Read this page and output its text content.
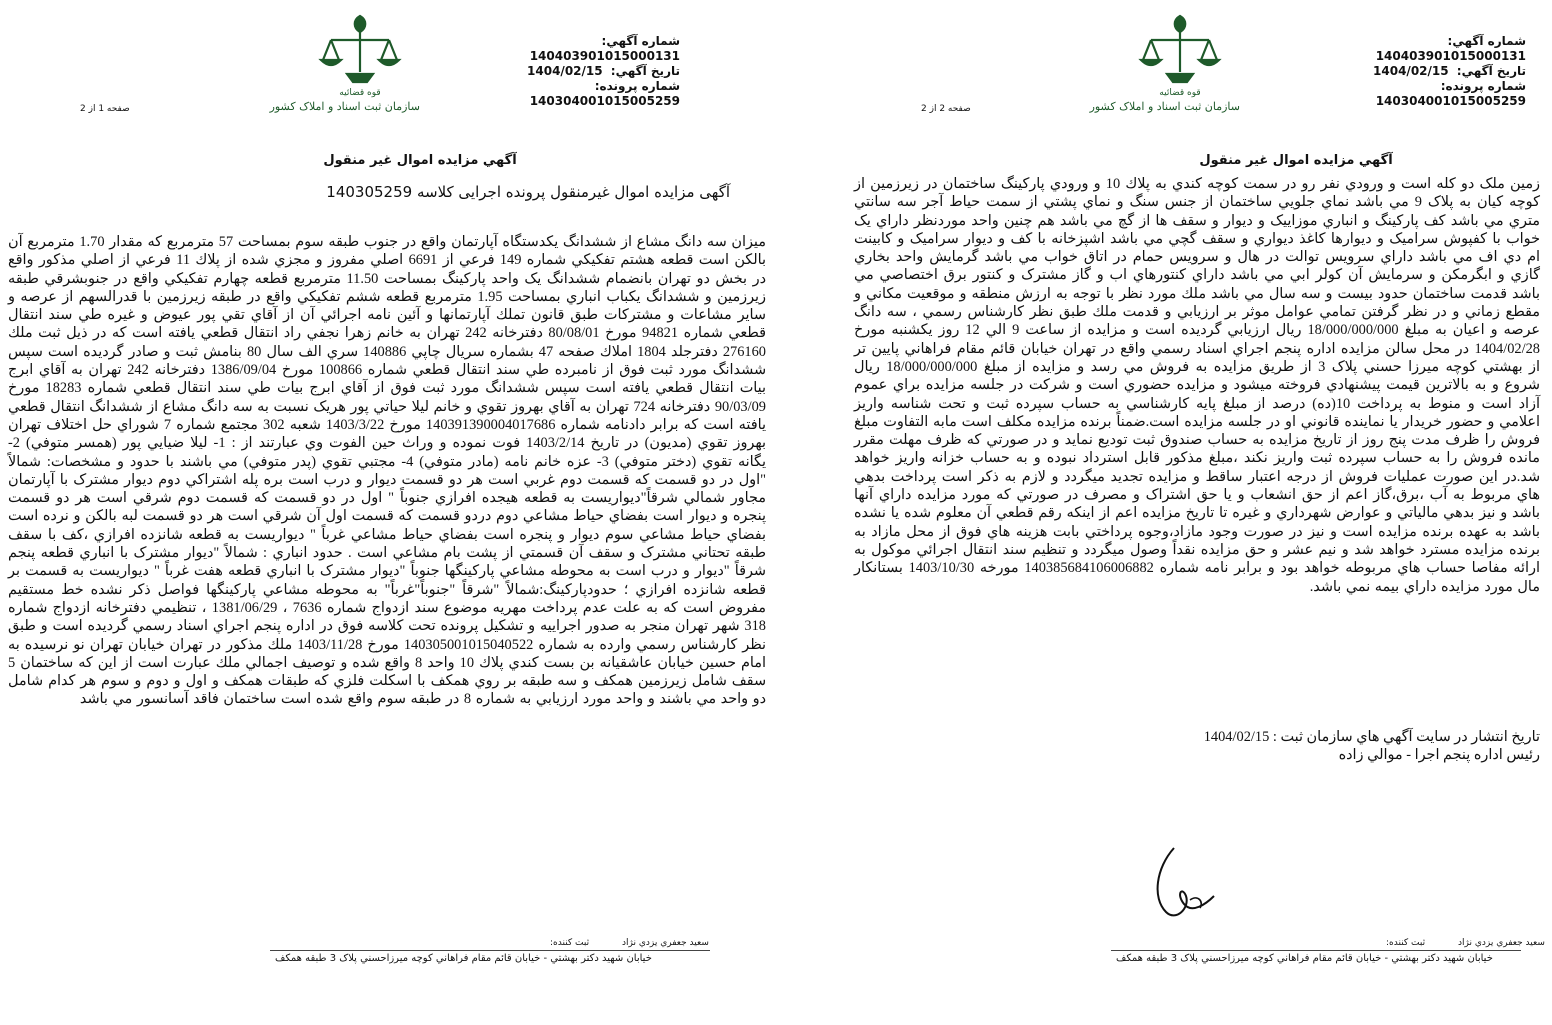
قوه قضائیه
سازمان ثبت اسناد و املاک کشور
شماره آگهي: 140403901015000131
تاريخ آگهي: 1404/02/15
شماره پرونده: 140304001015005259
صفحه 1 از 2
آگهي مزايده اموال غير منقول
آگهی مزایده اموال غیرمنقول پرونده اجرایی کلاسه 140305259

ميزان سه دانگ مشاع از ششدانگ يكدستگاه آپارتمان واقع در جنوب طبقه سوم بمساحت 57 مترمربع كه مقدار 1.70 مترمربع آن بالكن است قطعه هشتم تفكيكي شماره 149 فرعي از 6691 اصلي مفروز و مجزي شده از پلاك 11 فرعي از اصلي مذكور واقع در بخش دو تهران بانضمام ششدانگ يک واحد پاركينگ بمساحت 11.50 مترمربع قطعه چهارم تفكيكي واقع در جنوبشرقي طبقه زيرزمين و ششدانگ يكباب انباري بمساحت 1.95 مترمربع قطعه ششم تفكيكي واقع در طبقه زيرزمين با قدرالسهم از عرصه و ساير مشاعات و مشتركات طبق قانون تملك آپارتمانها و آئين نامه اجرائي آن از آقاي تقي پور عيوض و غيره طي سند انتقال قطعي شماره 94821 مورخ 80/08/01 دفترخانه 242 تهران به خانم زهرا نجفي راد انتقال قطعي يافته است كه در ذيل ثبت ملك 276160 دفترجلد 1804 املاك صفحه 47 بشماره سريال چاپي 140886 سري الف سال 80 بنامش ثبت و صادر گرديده است سپس ششدانگ مورد ثبت فوق از نامبرده طي سند انتقال قطعي شماره 100866 مورخ 1386/09/04 دفترخانه 242 تهران به آقاي ابرج بيات انتقال قطعي يافته است سپس ششدانگ مورد ثبت فوق از آقاي ابرج بيات طي سند انتقال قطعي شماره 18283 مورخ 90/03/09 دفترخانه 724 تهران به آقاي بهروز تقوي و خانم ليلا حياتي پور هريک نسبت به سه دانگ مشاع از ششدانگ انتقال قطعي يافته است كه برابر دادنامه شماره 140391390004017686 مورخ 1403/3/22 شعبه 302 مجتمع شماره 7 شوراي حل اختلاف تهران بهروز تقوي (مديون) در تاريخ 1403/2/14 فوت نموده و وراث حين الفوت وي عبارتند از : 1- ليلا ضيايي پور (همسر متوفي) 2- يگانه تقوي (دختر متوفي) 3- عزه خانم نامه (مادر متوفي) 4- مجتبي تقوي (پدر متوفي) مي باشند با حدود و مشخصات: شمالاً "اول در دو قسمت كه قسمت دوم غربي است هر دو قسمت ديوار و درب است بره پله اشتراكي دوم ديوار مشترک با آپارتمان مجاور شمالي شرقاً"ديواريست به قطعه هيجده افرازي جنوباً " اول در دو قسمت كه قسمت دوم شرقي است هر دو قسمت پنجره و ديوار است بفضاي حياط مشاعي دوم دردو قسمت كه قسمت اول آن شرقي است هر دو قسمت لبه بالكن و نرده است بفضاي حياط مشاعي سوم ديوار و پنجره است بفضاي حياط مشاعي غرباً " ديواريست به قطعه شانزده افرازي ،كف با سقف طبقه تحتاني مشترک و سقف آن قسمتي از پشت بام مشاعي است . حدود انباري : شمالاً "ديوار مشترک با انباري قطعه پنجم شرقاً "ديوار و درب است به محوطه مشاعي پاركينگها جنوباً "ديوار مشترک با انباري قطعه هفت غرباً " ديواريست به قسمت بر قطعه شانزده افرازي ؛ حدودپاركينگ:شمالاً "شرقاً "جنوباً"غرباً" به محوطه مشاعي پاركينگها فواصل ذكر نشده خط مستقيم مفروض است كه به علت عدم پرداخت مهريه موضوع سند ازدواج شماره 7636 ، 1381/06/29 ، تنظيمي دفترخانه ازدواج شماره 318 شهر تهران منجر به صدور اجراييه و تشكيل پرونده تحت كلاسه فوق در اداره پنجم اجراي اسناد رسمي گرديده است و طبق نظر كارشناس رسمي وارده به شماره 140305001015040522 مورخ 1403/11/28 ملك مذكور در تهران خيابان تهران نو نرسيده به امام حسين خيابان عاشقيانه بن بست كندي پلاك 10 واحد 8 واقع شده و توصيف اجمالي ملك عبارت است از اين كه ساختمان 5 سقف شامل زيرزمين همكف و سه طبقه بر روي همكف با اسكلت فلزي كه طبقات همكف و اول و دوم و سوم هر كدام شامل دو واحد مي باشند و واحد مورد ارزيابي به شماره 8 در طبقه سوم واقع شده است ساختمان فاقد آسانسور مي باشد

سعيد جعفري يزدي نژاد ثبت كننده:
خيابان شهيد دكتر بهشتي - خيابان قائم مقام فراهاني كوچه ميرزاحسني پلاک 3 طبقه همكف
قوه قضائیه
سازمان ثبت اسناد و املاک کشور
شماره آگهي: 140403901015000131
تاريخ آگهي: 1404/02/15
شماره پرونده: 140304001015005259
صفحه 2 از 2
آگهي مزايده اموال غير منقول

زمين ملک دو كله است و ورودي نفر رو در سمت كوچه كندي به پلاك 10 و ورودي پاركينگ ساختمان در زيرزمين از كوچه كيان به پلاک 9 مي باشد نماي جلويي ساختمان از جنس سنگ و نماي پشتي از سمت حياط آجر سه سانتي متري مي باشد كف پاركينگ و انباري موزاييک و ديوار و سقف ها از گچ مي باشد هم چنين واحد موردنظر داراي يک خواب با كفپوش سراميک و ديوارها كاغذ ديواري و سقف گچي مي باشد اشپزخانه با كف و ديوار سراميک و كابينت ام دي اف مي باشد داراي سرويس توالت در هال و سرويس حمام در اتاق خواب مي باشد گرمايش واحد بخاري گازي و ابگرمكن و سرمايش آن كولر ابي مي باشد داراي كنتورهاي اب و گاز مشترک و كنتور برق اختصاصي مي باشد قدمت ساختمان حدود بيست و سه سال مي باشد ملك مورد نظر با توجه به ارزش منطقه و موقعيت مكاني و مقطع زماني و در نظر گرفتن تمامي عوامل موثر بر ارزيابي و قدمت ملك طبق نظر كارشناس رسمي ، سه دانگ عرصه و اعيان به مبلغ 18/000/000/000 ريال ارزيابي گرديده است و مزايده از ساعت 9 الي 12 روز يكشنبه مورخ 1404/02/28 در محل سالن مزايده اداره پنجم اجراي اسناد رسمي واقع در تهران خيابان قائم مقام فراهاني پايين تر از بهشتي كوچه ميرزا حسني پلاک 3 از طريق مزايده به فروش مي رسد و مزايده از مبلغ 18/000/000/000 ريال شروع و به بالاترين قيمت پيشنهادي فروخته ميشود و مزايده حضوري است و شركت در جلسه مزايده براي عموم آزاد است و منوط به پرداخت 10(ده) درصد از مبلغ پايه كارشناسي به حساب سپرده ثبت و تحت شناسه واريز اعلامي و حضور خريدار يا نماينده قانوني او در جلسه مزايده است.ضمناً برنده مزايده مكلف است مابه التفاوت مبلغ فروش را ظرف مدت پنج روز از تاريخ مزايده به حساب صندوق ثبت توديع نمايد و در صورتي كه ظرف مهلت مقرر مانده فروش را به حساب سپرده ثبت واريز نكند ،مبلغ مذكور قابل استرداد نبوده و به حساب خزانه واريز خواهد شد.در اين صورت عمليات فروش از درجه اعتبار ساقط و مزايده تجديد ميگردد و لازم به ذكر است پرداخت بدهي هاي مربوط به آب ،برق،گاز اعم از حق انشعاب و يا حق اشتراک و مصرف در صورتي كه مورد مزايده داراي آنها باشد و نيز بدهي مالياتي و عوارض شهرداري و غيره تا تاريخ مزايده اعم از اينكه رقم قطعي آن معلوم شده يا نشده باشد به عهده برنده مزايده است و نيز در صورت وجود مازاد،وجوه پرداختي بابت هزينه هاي فوق از محل مازاد به برنده مزايده مسترد خواهد شد و نيم عشر و حق مزايده نقداً وصول ميگردد و تنظيم سند انتقال اجرائي موكول به ارائه مفاصا حساب هاي مربوطه خواهد بود و برابر نامه شماره 140385684106006882 مورخه 1403/10/30 بستانكار مال مورد مزايده داراي بيمه نمي باشد.

تاريخ انتشار در سايت آگهي هاي سازمان ثبت : 1404/02/15

رئيس اداره پنجم اجرا - موالي زاده

سعيد جعفري يزدي نژاد ثبت كننده:
خيابان شهيد دكتر بهشتي - خيابان قائم مقام فراهاني كوچه ميرزاحسني پلاک 3 طبقه همكف
